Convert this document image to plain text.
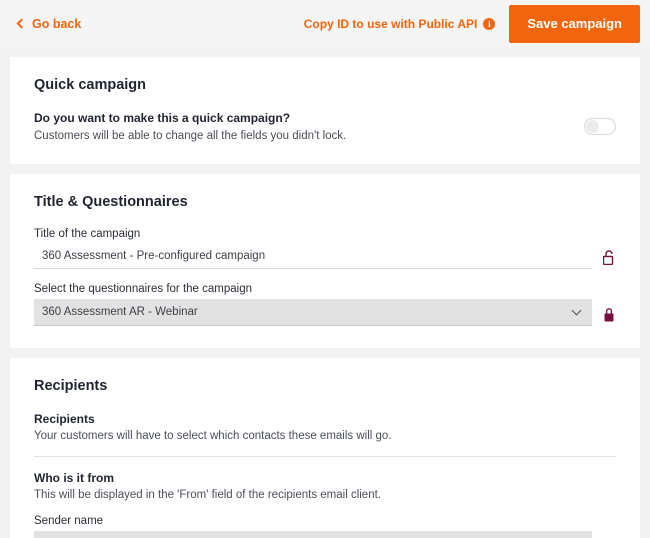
Go back	Copy ID to use with Public API	i	Save campaign
Quick campaign

Do you want to make this a quick campaign?

Customers will be able to change all the fields you didn't lock.

Title & Questionnaires
Title of the campaign
360 Assessment - Pre-configured campaign
Select the questionnaires for the campaign
360 Assessment AR - Webinar
Recipients

Recipients

Your customers will have to select which contacts these emails will go.

Who is it from

This will be displayed in the 'From' field of the recipients email client.

Sender name
info@su.vc
